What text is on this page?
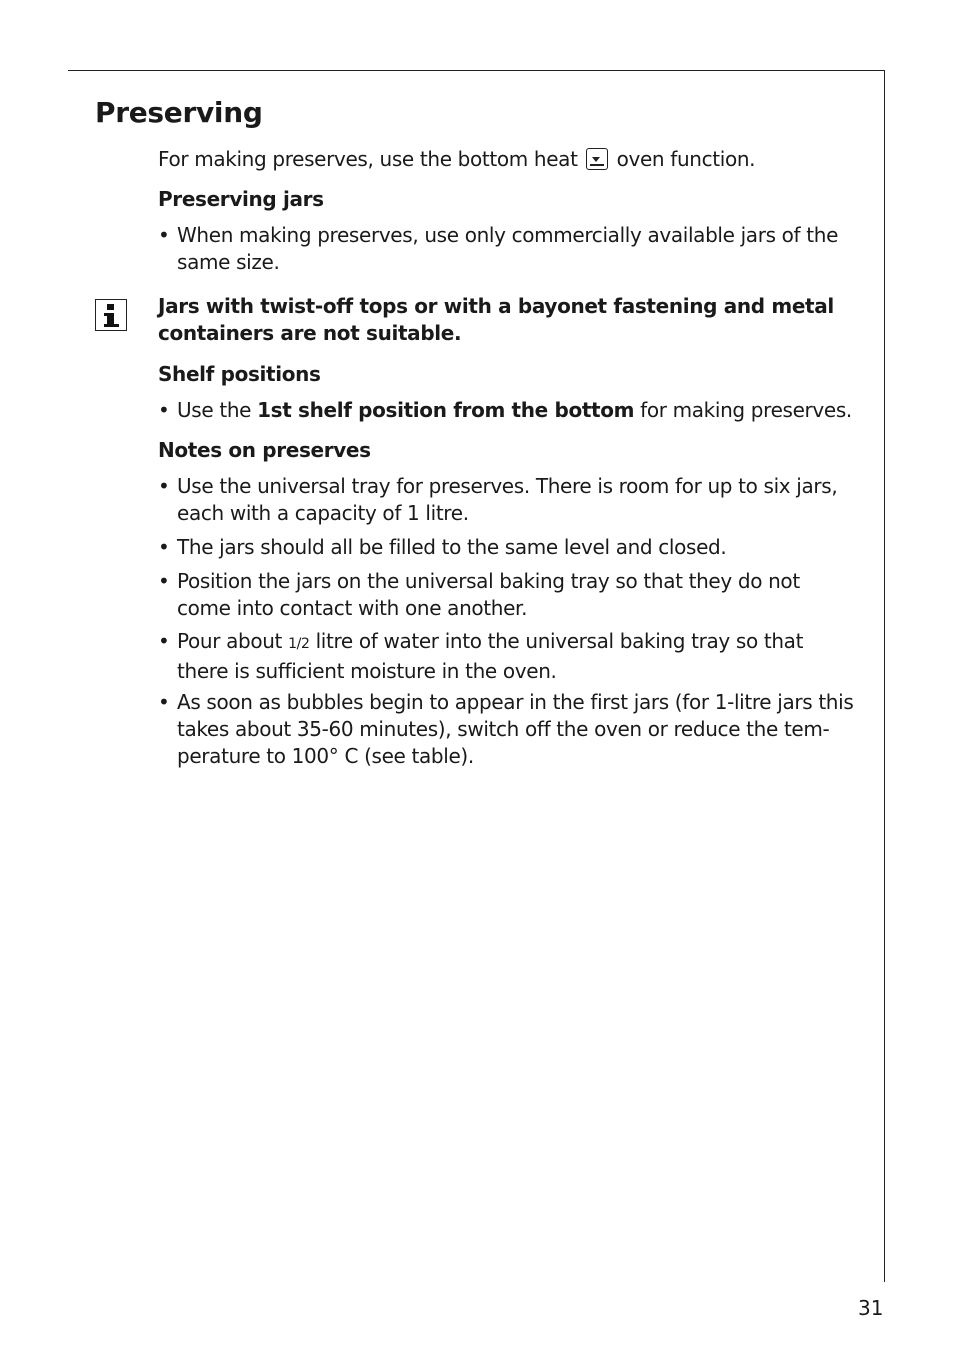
Preserving

For making preserves, use the bottom heat oven function.

Preserving jars

• When making preserves, use only commercially available jars of the same size.

Jars with twist-off tops or with a bayonet fastening and metal containers are not suitable.

Shelf positions

• Use the 1st shelf position from the bottom for making preserves.

Notes on preserves

• Use the universal tray for preserves. There is room for up to six jars, each with a capacity of 1 litre.
• The jars should all be filled to the same level and closed.
• Position the jars on the universal baking tray so that they do not come into contact with one another.
• Pour about 1/2 litre of water into the universal baking tray so that there is sufficient moisture in the oven.
• As soon as bubbles begin to appear in the first jars (for 1-litre jars this takes about 35-60 minutes), switch off the oven or reduce the tem-perature to 100° C (see table).
31
